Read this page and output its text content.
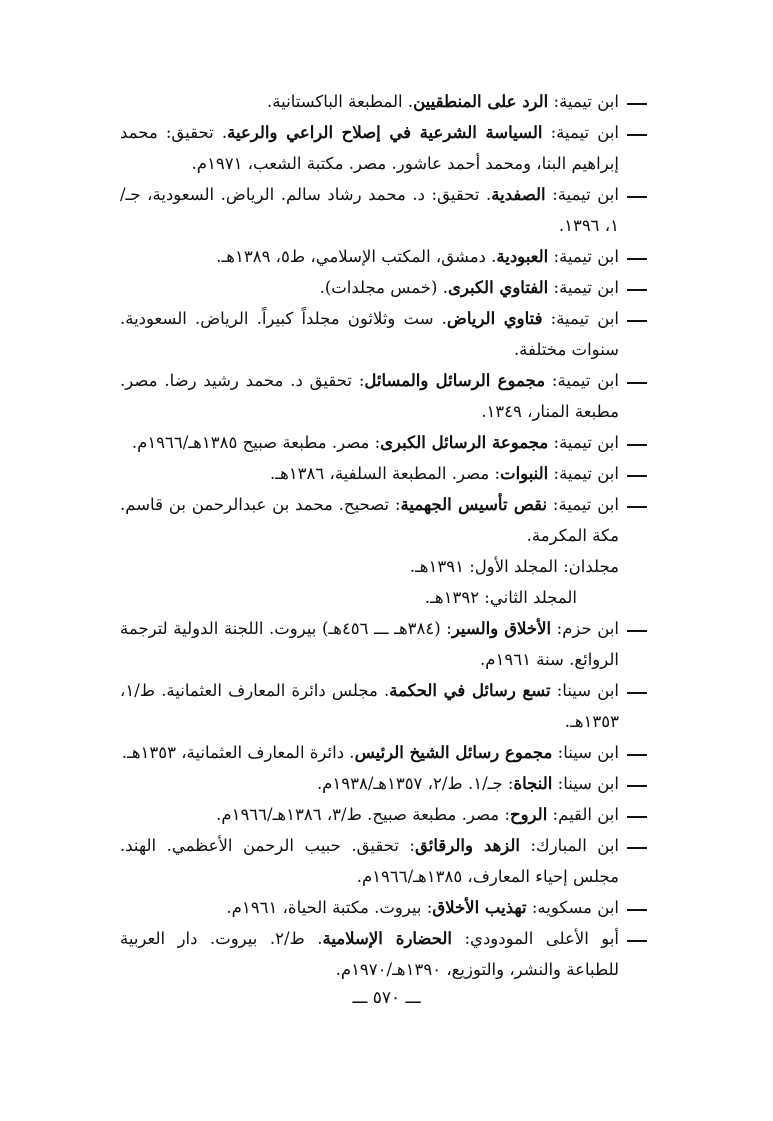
ابن تيمية: الرد على المنطقيين. المطبعة الباكستانية.
ابن تيمية: السياسة الشرعية في إصلاح الراعي والرعية. تحقيق: محمد إبراهيم البنا، ومحمد أحمد عاشور. مصر. مكتبة الشعب، ١٩٧١م.
ابن تيمية: الصفدية. تحقيق: د. محمد رشاد سالم. الرياض. السعودية، جـ/١، ١٣٩٦.
ابن تيمية: العبودية. دمشق، المكتب الإسلامي، ط٥، ١٣٨٩هـ.
ابن تيمية: الفتاوي الكبرى. (خمس مجلدات).
ابن تيمية: فتاوي الرياض. ست وثلاثون مجلداً كبيراً. الرياض. السعودية. سنوات مختلفة.
ابن تيمية: مجموع الرسائل والمسائل: تحقيق د. محمد رشيد رضا. مصر. مطبعة المنار، ١٣٤٩.
ابن تيمية: مجموعة الرسائل الكبرى: مصر. مطبعة صبيح ١٣٨٥هـ/١٩٦٦م.
ابن تيمية: النبوات: مصر. المطبعة السلفية، ١٣٨٦هـ.
ابن تيمية: نقص تأسيس الجهمية: تصحيح. محمد بن عبدالرحمن بن قاسم. مكة المكرمة.
مجلدان: المجلد الأول: ١٣٩١هـ.
المجلد الثاني: ١٣٩٢هـ.
ابن حزم: الأخلاق والسير: (٣٨٤هـ ـــ ٤٥٦هـ) بيروت. اللجنة الدولية لترجمة الروائع. سنة ١٩٦١م.
ابن سينا: تسع رسائل في الحكمة. مجلس دائرة المعارف العثمانية. ط/١، ١٣٥٣هـ.
ابن سينا: مجموع رسائل الشيخ الرئيس. دائرة المعارف العثمانية، ١٣٥٣هـ.
ابن سينا: النجاة: جـ/١. ط/٢، ١٣٥٧هـ/١٩٣٨م.
ابن القيم: الروح: مصر. مطبعة صبيح. ط/٣، ١٣٨٦هـ/١٩٦٦م.
ابن المبارك: الزهد والرقائق: تحقيق. حبيب الرحمن الأعظمي. الهند. مجلس إحياء المعارف، ١٣٨٥هـ/١٩٦٦م.
ابن مسكويه: تهذيب الأخلاق: بيروت. مكتبة الحياة، ١٩٦١م.
أبو الأعلى المودودي: الحضارة الإسلامية. ط/٢. بيروت. دار العربية للطباعة والنشر، والتوزيع، ١٣٩٠هـ/١٩٧٠م.
ـــ ٥٧٠ ـــ
